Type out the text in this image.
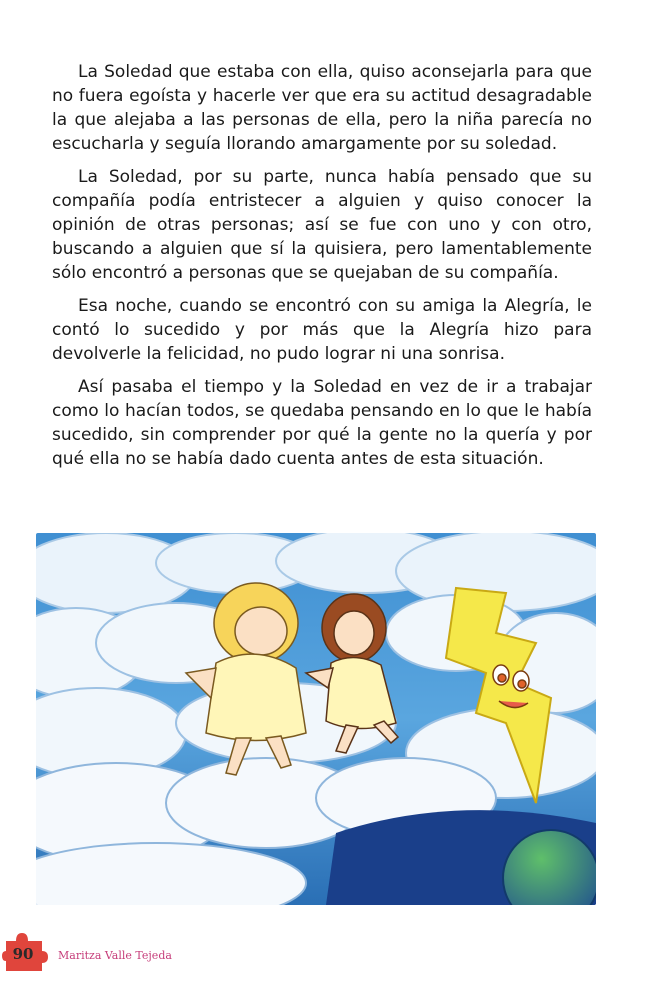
La Soledad que estaba con ella, quiso aconsejarla para que no fuera egoísta y hacerle ver que era su actitud desagradable la que alejaba a las personas de ella, pero la niña parecía no escucharla y seguía llorando amargamente por su soledad.

La Soledad, por su parte, nunca había pensado que su compañía podía entristecer a alguien y quiso conocer la opinión de otras personas; así se fue con uno y con otro, buscando a alguien que sí la quisiera, pero lamentablemente sólo encontró a personas que se quejaban de su compañía.

Esa noche, cuando se encontró con su amiga la Alegría, le contó lo sucedido y por más que la Alegría hizo para devolverle la felicidad, no pudo lograr ni una sonrisa.

Así pasaba el tiempo y la Soledad en vez de ir a trabajar como lo hacían todos, se quedaba pensando en lo que le había sucedido, sin comprender por qué la gente no la quería y por qué ella no se había dado cuenta antes de esta situación.

90	Maritza Valle Tejeda
